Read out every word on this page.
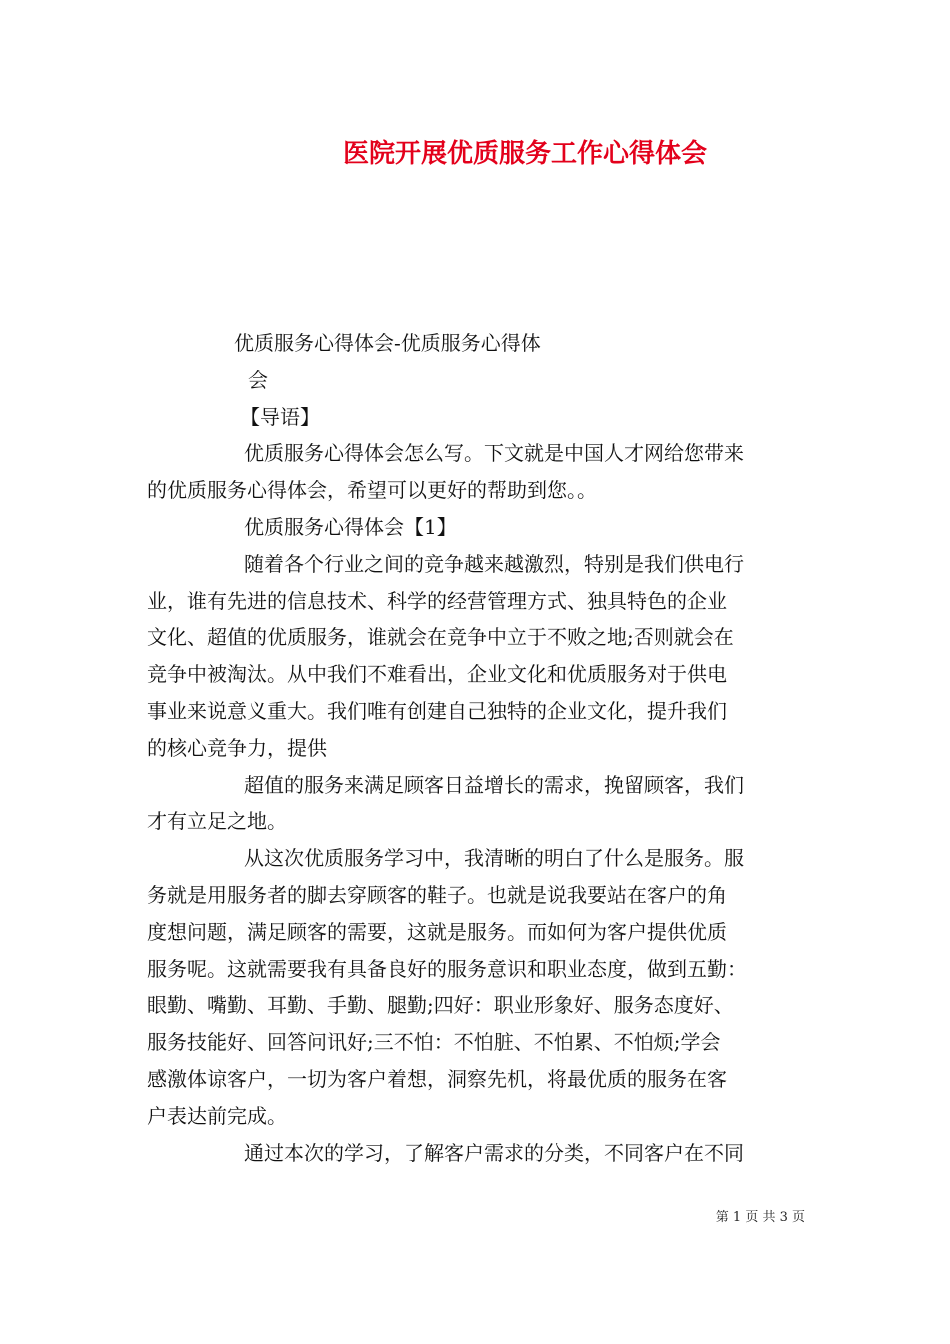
医院开展优质服务工作心得体会
优质服务心得体会-优质服务心得体
会
【导语】
优质服务心得体会怎么写。下文就是中国人才网给您带来
的优质服务心得体会，希望可以更好的帮助到您。。
优质服务心得体会【1】
随着各个行业之间的竞争越来越激烈，特别是我们供电行
业，谁有先进的信息技术、科学的经营管理方式、独具特色的企业
文化、超值的优质服务，谁就会在竞争中立于不败之地;否则就会在
竞争中被淘汰。从中我们不难看出，企业文化和优质服务对于供电
事业来说意义重大。我们唯有创建自己独特的企业文化，提升我们
的核心竞争力，提供
超值的服务来满足顾客日益增长的需求，挽留顾客，我们
才有立足之地。
从这次优质服务学习中，我清晰的明白了什么是服务。服
务就是用服务者的脚去穿顾客的鞋子。也就是说我要站在客户的角
度想问题，满足顾客的需要，这就是服务。而如何为客户提供优质
服务呢。这就需要我有具备良好的服务意识和职业态度，做到五勤：
眼勤、嘴勤、耳勤、手勤、腿勤;四好：职业形象好、服务态度好、
服务技能好、回答问讯好;三不怕：不怕脏、不怕累、不怕烦;学会
感激体谅客户，一切为客户着想，洞察先机，将最优质的服务在客
户表达前完成。
通过本次的学习，了解客户需求的分类，不同客户在不同
第 1 页 共 3 页
